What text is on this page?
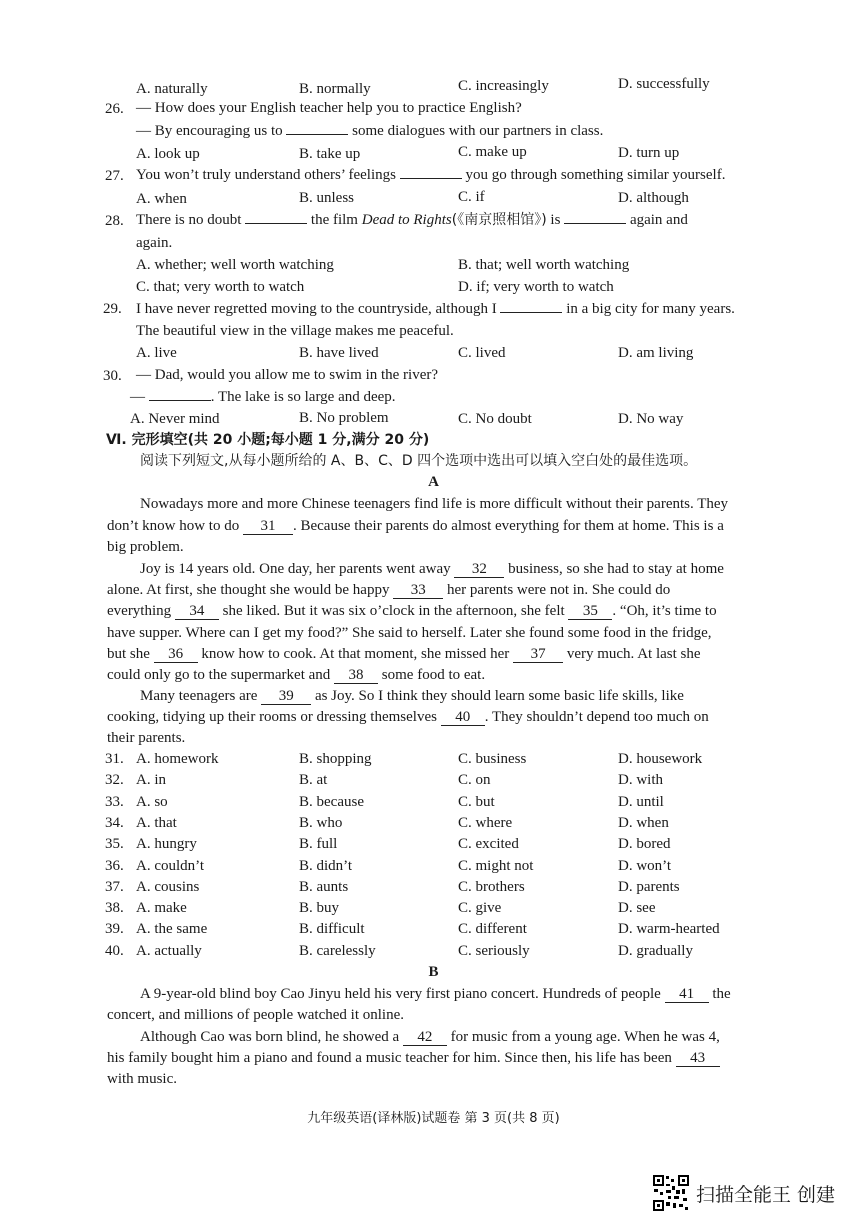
A. naturally	B. normally	C. increasingly	D. successfully
26. — How does your English teacher help you to practice English?
— By encouraging us to	some dialogues with our partners in class.
A. look up	B. take up	C. make up	D. turn up
27. You won’t truly understand others’ feelings	you go through something similar yourself.
A. when	B. unless	C. if	D. although
28. There is no doubt	the film Dead to Rights(《南京照相馆》) is	again and
again.
A. whether; well worth watching	B. that; well worth watching
C. that; very worth to watch	D. if; very worth to watch
29. I have never regretted moving to the countryside, although I	in a big city for many years.
The beautiful view in the village makes me peaceful.
A. live	B. have lived	C. lived	D. am living
30. — Dad, would you allow me to swim in the river?
—	. The lake is so large and deep.
A. Never mind	B. No problem	C. No doubt	D. No way
Ⅵ. 完形填空(共 20 小题;每小题 1 分,满分 20 分)
阅读下列短文,从每小题所给的 A、B、C、D 四个选项中选出可以填入空白处的最佳选项。
A
Nowadays more and more Chinese teenagers find life is more difficult without their parents. They
don’t know how to do 31 . Because their parents do almost everything for them at home. This is a
big problem.
Joy is 14 years old. One day, her parents went away 32 business, so she had to stay at home
alone. At first, she thought she would be happy 33 her parents were not in. She could do
everything 34 she liked. But it was six o’clock in the afternoon, she felt 35 . “Oh, it’s time to
have supper. Where can I get my food?” She said to herself. Later she found some food in the fridge,
but she 36 know how to cook. At that moment, she missed her 37 very much. At last she
could only go to the supermarket and 38 some food to eat.
Many teenagers are 39 as Joy. So I think they should learn some basic life skills, like
cooking, tidying up their rooms or dressing themselves 40 . They shouldn’t depend too much on
their parents.
31. A. homework	B. shopping	C. business	D. housework
32. A. in	B. at	C. on	D. with
33. A. so	B. because	C. but	D. until
34. A. that	B. who	C. where	D. when
35. A. hungry	B. full	C. excited	D. bored
36. A. couldn’t	B. didn’t	C. might not	D. won’t
37. A. cousins	B. aunts	C. brothers	D. parents
38. A. make	B. buy	C. give	D. see
39. A. the same	B. difficult	C. different	D. warm-hearted
40. A. actually	B. carelessly	C. seriously	D. gradually
B
A 9-year-old blind boy Cao Jinyu held his very first piano concert. Hundreds of people 41 the
concert, and millions of people watched it online.
Although Cao was born blind, he showed a 42 for music from a young age. When he was 4,
his family bought him a piano and found a music teacher for him. Since then, his life has been 43
with music.
九年级英语(译林版)试题卷 第 3 页(共 8 页)
扫描全能王 创建
